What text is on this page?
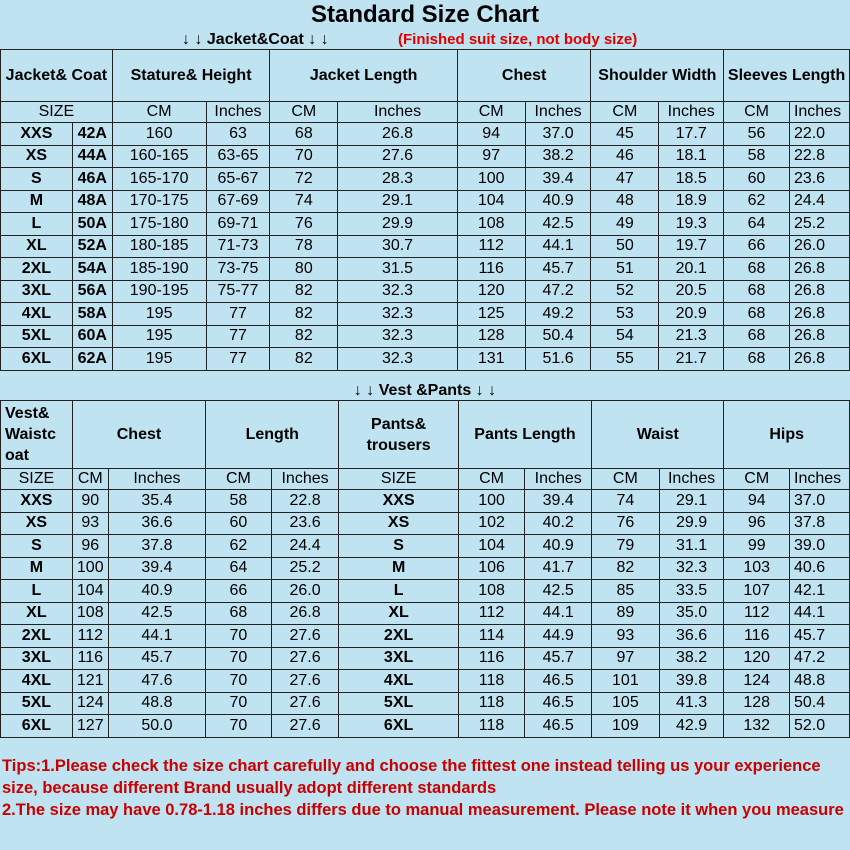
Standard Size Chart
↓ ↓ Jacket&Coat ↓ ↓	(Finished suit size, not body size)
Jacket& Coat		Stature& Height		Jacket Length		Chest		Shoulder Width		Sleeves Length	
SIZE		CM	Inches	CM	Inches	CM	Inches	CM	Inches	CM	Inches
XXS	42A	160	63	68	26.8	94	37.0	45	17.7	56	22.0
XS	44A	160-165	63-65	70	27.6	97	38.2	46	18.1	58	22.8
S	46A	165-170	65-67	72	28.3	100	39.4	47	18.5	60	23.6
M	48A	170-175	67-69	74	29.1	104	40.9	48	18.9	62	24.4
L	50A	175-180	69-71	76	29.9	108	42.5	49	19.3	64	25.2
XL	52A	180-185	71-73	78	30.7	112	44.1	50	19.7	66	26.0
2XL	54A	185-190	73-75	80	31.5	116	45.7	51	20.1	68	26.8
3XL	56A	190-195	75-77	82	32.3	120	47.2	52	20.5	68	26.8
4XL	58A	195	77	82	32.3	125	49.2	53	20.9	68	26.8
5XL	60A	195	77	82	32.3	128	50.4	54	21.3	68	26.8
6XL	62A	195	77	82	32.3	131	51.6	55	21.7	68	26.8
↓ ↓ Vest &Pants ↓ ↓
Vest& Waistc oat	Chest		Length		Pants& trousers	Pants Length		Waist		Hips	
SIZE	CM	Inches	CM	Inches	SIZE	CM	Inches	CM	Inches	CM	Inches
XXS	90	35.4	58	22.8	XXS	100	39.4	74	29.1	94	37.0
XS	93	36.6	60	23.6	XS	102	40.2	76	29.9	96	37.8
S	96	37.8	62	24.4	S	104	40.9	79	31.1	99	39.0
M	100	39.4	64	25.2	M	106	41.7	82	32.3	103	40.6
L	104	40.9	66	26.0	L	108	42.5	85	33.5	107	42.1
XL	108	42.5	68	26.8	XL	112	44.1	89	35.0	112	44.1
2XL	112	44.1	70	27.6	2XL	114	44.9	93	36.6	116	45.7
3XL	116	45.7	70	27.6	3XL	116	45.7	97	38.2	120	47.2
4XL	121	47.6	70	27.6	4XL	118	46.5	101	39.8	124	48.8
5XL	124	48.8	70	27.6	5XL	118	46.5	105	41.3	128	50.4
6XL	127	50.0	70	27.6	6XL	118	46.5	109	42.9	132	52.0
Tips:1.Please check the size chart carefully and choose the fittest one instead telling us your experience size, because different Brand usually adopt different standards
2.The size may have 0.78-1.18 inches differs due to manual measurement. Please note it when you measure
